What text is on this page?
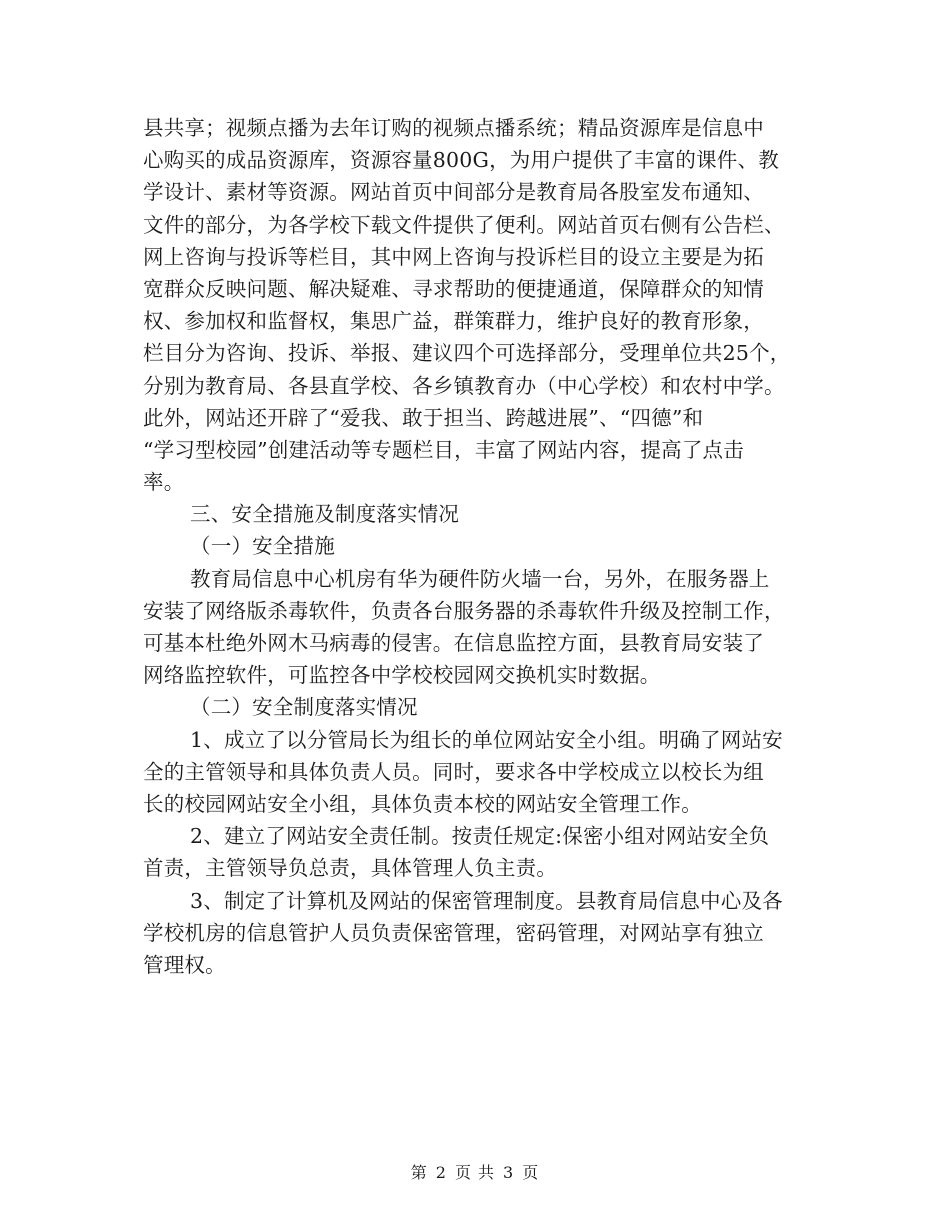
县共享；视频点播为去年订购的视频点播系统；精品资源库是信息中
心购买的成品资源库，资源容量800G，为用户提供了丰富的课件、教
学设计、素材等资源。网站首页中间部分是教育局各股室发布通知、
文件的部分，为各学校下载文件提供了便利。网站首页右侧有公告栏、
网上咨询与投诉等栏目，其中网上咨询与投诉栏目的设立主要是为拓
宽群众反映问题、解决疑难、寻求帮助的便捷通道，保障群众的知情
权、参加权和监督权，集思广益，群策群力，维护良好的教育形象，
栏目分为咨询、投诉、举报、建议四个可选择部分，受理单位共25个，
分别为教育局、各县直学校、各乡镇教育办（中心学校）和农村中学。
此外，网站还开辟了“爱我、敢于担当、跨越进展”、“四德”和
“学习型校园”创建活动等专题栏目，丰富了网站内容，提高了点击
率。
三、安全措施及制度落实情况
（一）安全措施
教育局信息中心机房有华为硬件防火墙一台，另外，在服务器上
安装了网络版杀毒软件，负责各台服务器的杀毒软件升级及控制工作，
可基本杜绝外网木马病毒的侵害。在信息监控方面，县教育局安装了
网络监控软件，可监控各中学校校园网交换机实时数据。
（二）安全制度落实情况
1、成立了以分管局长为组长的单位网站安全小组。明确了网站安
全的主管领导和具体负责人员。同时，要求各中学校成立以校长为组
长的校园网站安全小组，具体负责本校的网站安全管理工作。
2、建立了网站安全责任制。按责任规定:保密小组对网站安全负
首责，主管领导负总责，具体管理人负主责。
3、制定了计算机及网站的保密管理制度。县教育局信息中心及各
学校机房的信息管护人员负责保密管理，密码管理，对网站享有独立
管理权。
第 2 页 共 3 页
